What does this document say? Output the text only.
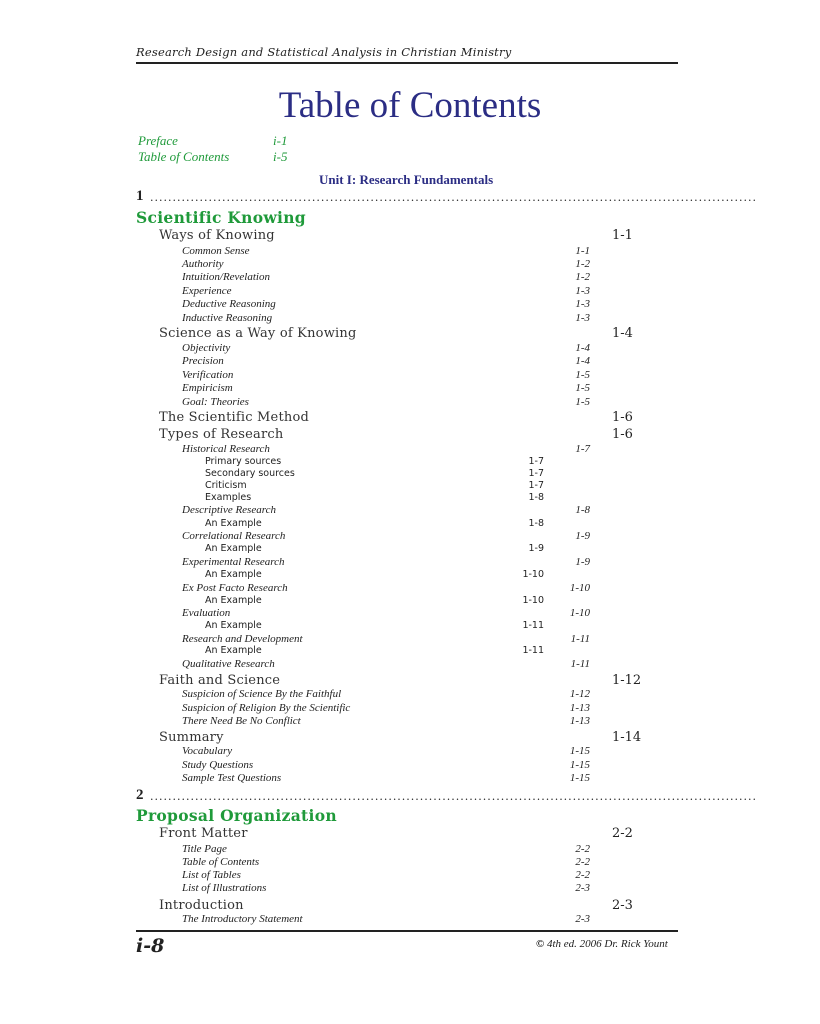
Research Design and Statistical Analysis in Christian Ministry
Table of Contents
Preface	i-1
Table of Contents	i-5
Unit I: Research Fundamentals
1 .......................................................................................................................................
Scientific Knowing
Ways of Knowing	1-1
Common Sense	1-1
Authority	1-2
Intuition/Revelation	1-2
Experience	1-3
Deductive Reasoning	1-3
Inductive Reasoning	1-3
Science as a Way of Knowing	1-4
Objectivity	1-4
Precision	1-4
Verification	1-5
Empiricism	1-5
Goal: Theories	1-5
The Scientific Method	1-6
Types of Research	1-6
Historical Research	1-7
Primary sources	1-7
Secondary sources	1-7
Criticism	1-7
Examples	1-8
Descriptive Research	1-8
An Example	1-8
Correlational Research	1-9
An Example	1-9
Experimental Research	1-9
An Example	1-10
Ex Post Facto Research	1-10
An Example	1-10
Evaluation	1-10
An Example	1-11
Research and Development	1-11
An Example	1-11
Qualitative Research	1-11
Faith and Science	1-12
Suspicion of Science By the Faithful	1-12
Suspicion of Religion By the Scientific	1-13
There Need Be No Conflict	1-13
Summary	1-14
Vocabulary	1-15
Study Questions	1-15
Sample Test Questions	1-15
2 .......................................................................................................................................
Proposal Organization
Front Matter	2-2
Title Page	2-2
Table of Contents	2-2
List of Tables	2-2
List of Illustrations	2-3
Introduction	2-3
The Introductory Statement	2-3
i-8	© 4th ed. 2006 Dr. Rick Yount
